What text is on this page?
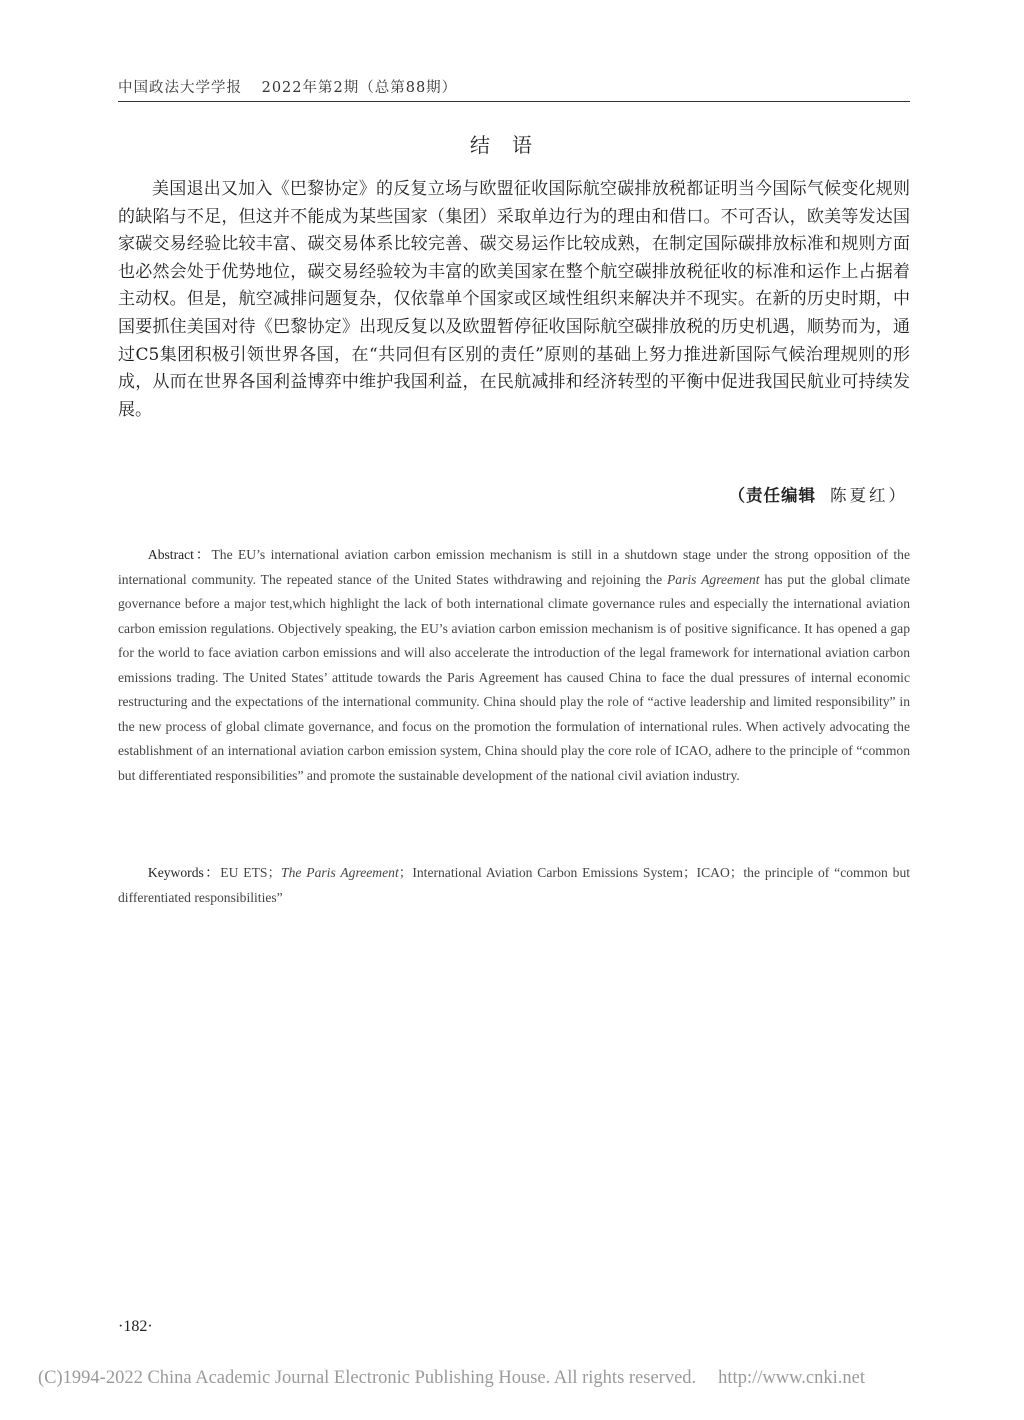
中国政法大学学报 2022年第2期（总第88期）
结语

美国退出又加入《巴黎协定》的反复立场与欧盟征收国际航空碳排放税都证明当今国际气候变化规则的缺陷与不足，但这并不能成为某些国家（集团）采取单边行为的理由和借口。不可否认，欧美等发达国家碳交易经验比较丰富、碳交易体系比较完善、碳交易运作比较成熟，在制定国际碳排放标准和规则方面也必然会处于优势地位，碳交易经验较为丰富的欧美国家在整个航空碳排放税征收的标准和运作上占据着主动权。但是，航空减排问题复杂，仅依靠单个国家或区域性组织来解决并不现实。在新的历史时期，中国要抓住美国对待《巴黎协定》出现反复以及欧盟暂停征收国际航空碳排放税的历史机遇，顺势而为，通过C5集团积极引领世界各国，在“共同但有区别的责任”原则的基础上努力推进新国际气候治理规则的形成，从而在世界各国利益博弈中维护我国利益，在民航减排和经济转型的平衡中促进我国民航业可持续发展。

（责任编辑 陈夏红）

Abstract：The EU’s international aviation carbon emission mechanism is still in a shutdown stage under the strong opposition of the international community. The repeated stance of the United States withdrawing and rejoining the Paris Agreement has put the global climate governance before a major test,which highlight the lack of both international climate governance rules and especially the international aviation carbon emission regulations. Objectively speaking, the EU’s aviation carbon emission mechanism is of positive significance. It has opened a gap for the world to face aviation carbon emissions and will also accelerate the introduction of the legal framework for international aviation carbon emissions trading. The United States’ attitude towards the Paris Agreement has caused China to face the dual pressures of internal economic restructuring and the expectations of the international community. China should play the role of “active leadership and limited responsibility” in the new process of global climate governance, and focus on the promotion the formulation of international rules. When actively advocating the establishment of an international aviation carbon emission system, China should play the core role of ICAO, adhere to the principle of “common but differentiated responsibilities” and promote the sustainable development of the national civil aviation industry.

Keywords：EU ETS；The Paris Agreement；International Aviation Carbon Emissions System；ICAO；the principle of “common but differentiated responsibilities”

·182·
(C)1994-2022 China Academic Journal Electronic Publishing House. All rights reserved. http://www.cnki.net
